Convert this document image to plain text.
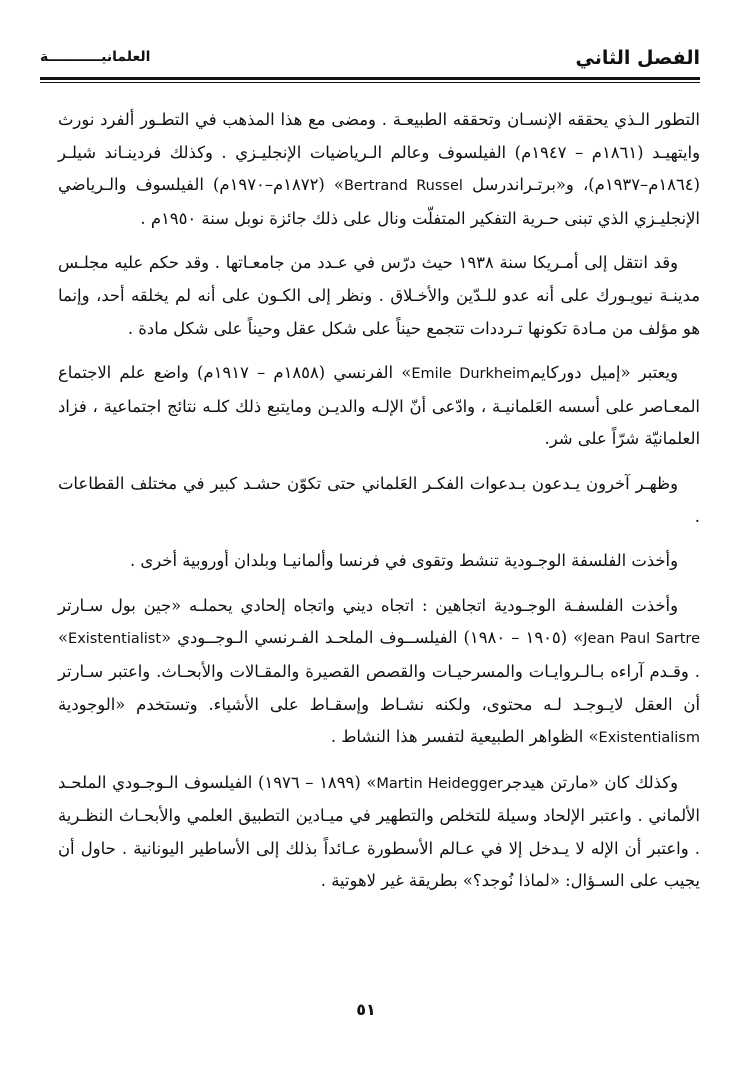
الفصل الثاني
العلمانيـــــــــــة

التطور الـذي يحققه الإنسـان وتحققه الطبيعـة . ومضى مع هذا المذهب في التطـور ألفرد نورث وايتهيـد (١٨٦١م – ١٩٤٧م) الفيلسوف وعالم الـرياضيات الإنجليـزي . وكذلك فردينـاند شيلـر (١٨٦٤م–١٩٣٧م)، و«برتـراندرسل Bertrand Russel» (١٨٧٢م–١٩٧٠م) الفيلسوف والـرياضي الإنجليـزي الذي تبنى حـرية التفكير المتفلّت ونال على ذلك جائزة نوبل سنة ١٩٥٠م .

وقد انتقل إلى أمـريكا سنة ١٩٣٨ حيث درّس في عـدد من جامعـاتها . وقد حكم عليه مجلـس مدينـة نيويـورك على أنه عدو للـدّين والأخـلاق . ونظر إلى الكـون على أنه لم يخلقه أحد، وإنما هو مؤلف من مـادة تكونها تـرددات تتجمع حيناً على شكل عقل وحيناً على شكل مادة .

ويعتبر «إميل دوركايمEmile Durkheim» الفرنسي (١٨٥٨م – ١٩١٧م) واضع علم الاجتماع المعـاصر على أسسه العَلمانيـة ، وادّعى أنّ الإلـه والديـن ومايتبع ذلك كلـه نتائج اجتماعية ، فزاد العلمانيّة شرّاً على شر.

وظهـر آخرون يـدعون بـدعوات الفكـر العَلماني حتى تكوّن حشـد كبير في مختلف القطاعات .

وأخذت الفلسفة الوجـودية تنشط وتقوى في فرنسا وألمانيـا وبلدان أوروبية أخرى .

وأخذت الفلسفـة الوجـودية اتجاهين : اتجاه ديني واتجاه إلحادي يحملـه «جين بول سـارتر Jean Paul Sartre» (١٩٠٥ – ١٩٨٠) الفيلســوف الملحـد الفـرنسي الـوجــودي «Existentialist» . وقـدم آراءه بـالـروايـات والمسرحيـات والقصص القصيرة والمقـالات والأبحـاث. واعتبر سـارتر أن العقل لايـوجـد لـه محتوى، ولكنه نشـاط وإسقـاط على الأشياء. وتستخدم «الوجودية Existentialism» الظواهر الطبيعية لتفسر هذا النشاط .

وكذلك كان «مارتن هيدجرMartin Heidegger» (١٨٩٩ – ١٩٧٦) الفيلسوف الـوجـودي الملحـد الألماني . واعتبر الإلحاد وسيلة للتخلص والتطهير في ميـادين التطبيق العلمي والأبحـاث النظـرية . واعتبر أن الإله لا يـدخل إلا في عـالم الأسطورة عـائداً بذلك إلى الأساطير اليونانية . حاول أن يجيب على السـؤال: «لماذا نُوجد؟» بطريقة غير لاهوتية .

٥١
